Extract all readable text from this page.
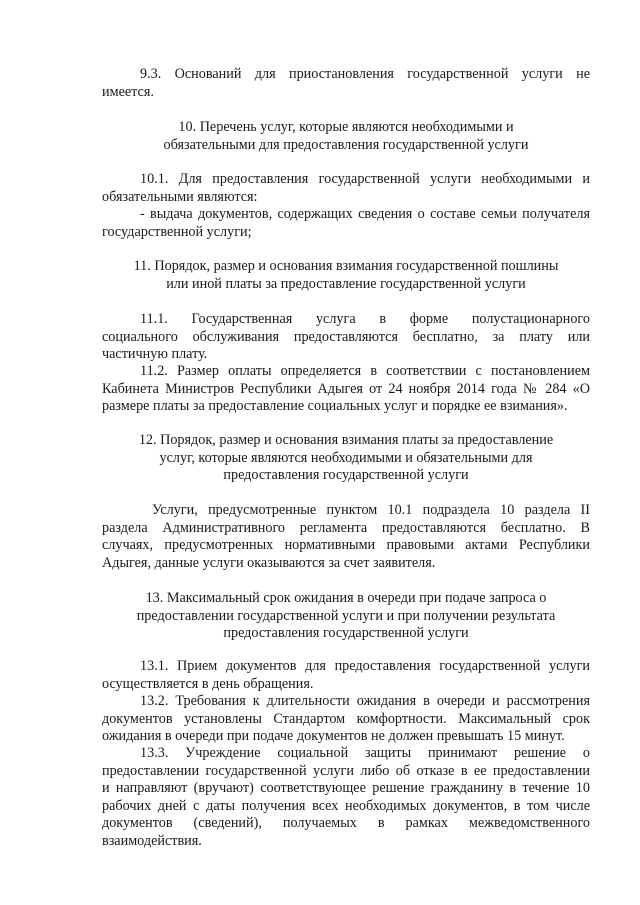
9.3. Оснований для приостановления государственной услуги не
имеется.
10. Перечень услуг, которые являются необходимыми и
обязательными для предоставления государственной услуги
10.1. Для предоставления государственной услуги необходимыми и
обязательными являются:
- выдача документов, содержащих сведения о составе семьи получателя
государственной услуги;
11. Порядок, размер и основания взимания государственной пошлины
или иной платы за предоставление государственной услуги
11.1. Государственная услуга в форме полустационарного
социального обслуживания предоставляются бесплатно, за плату или
частичную плату.
11.2. Размер оплаты определяется в соответствии с постановлением
Кабинета Министров Республики Адыгея от 24 ноября 2014 года № 284 «О
размере платы за предоставление социальных услуг и порядке ее взимания».
12. Порядок, размер и основания взимания платы за предоставление
услуг, которые являются необходимыми и обязательными для
предоставления государственной услуги
Услуги, предусмотренные пунктом 10.1 подраздела 10 раздела II
раздела Административного регламента предоставляются бесплатно. В
случаях, предусмотренных нормативными правовыми актами Республики
Адыгея, данные услуги оказываются за счет заявителя.
13. Максимальный срок ожидания в очереди при подаче запроса о
предоставлении государственной услуги и при получении результата
предоставления государственной услуги
13.1. Прием документов для предоставления государственной услуги
осуществляется в день обращения.
13.2. Требования к длительности ожидания в очереди и рассмотрения
документов установлены Стандартом комфортности. Максимальный срок
ожидания в очереди при подаче документов не должен превышать 15 минут.
13.3. Учреждение социальной защиты принимают решение о
предоставлении государственной услуги либо об отказе в ее предоставлении
и направляют (вручают) соответствующее решение гражданину в течение 10
рабочих дней с даты получения всех необходимых документов, в том числе
документов (сведений), получаемых в рамках межведомственного
взаимодействия.
